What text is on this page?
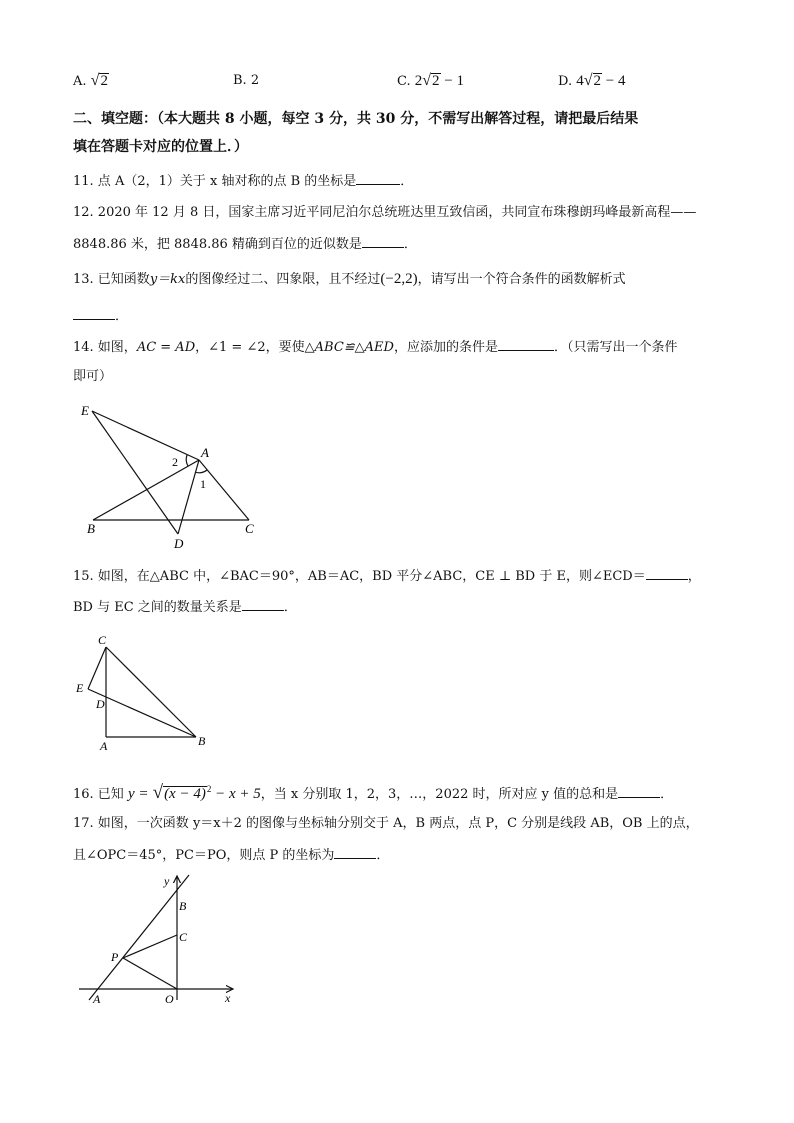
A. √2	B. 2	C. 2√2 − 1	D. 4√2 − 4
二、填空题：（本大题共 8 小题，每空 3 分，共 30 分，不需写出解答过程，请把最后结果
填在答题卡对应的位置上．）
11. 点 A（2，1）关于 x 轴对称的点 B 的坐标是	．
12. 2020 年 12 月 8 日，国家主席习近平同尼泊尔总统班达里互致信函，共同宣布珠穆朗玛峰最新高程——
8848.86 米，把 8848.86 精确到百位的近似数是	．
13. 已知函数y＝kx的图像经过二、四象限，且不经过(−2,2)，请写出一个符合条件的函数解析式
．
14. 如图，AC = AD，∠1 = ∠2，要使△ABC≌△AED，应添加的条件是	．（只需写出一个条件
即可）
E
A
2
1
B	C
D
15. 如图，在△ABC 中，∠BAC＝90°，AB＝AC，BD 平分∠ABC，CE ⊥ BD 于 E，则∠ECD＝	，
BD 与 EC 之间的数量关系是	．
C
E
D
A	B
16. 已知 $y = √(x - 4)^2 - x + 5$，当 x 分别取 1，2，3，…，2022 时，所对应 y 值的总和是	．
17. 如图，一次函数 y＝x＋2 的图像与坐标轴分别交于 A，B 两点，点 P，C 分别是线段 AB，OB 上的点，
且∠OPC＝45°，PC＝PO，则点 P 的坐标为	．
y
B
C
P
A	O	x
